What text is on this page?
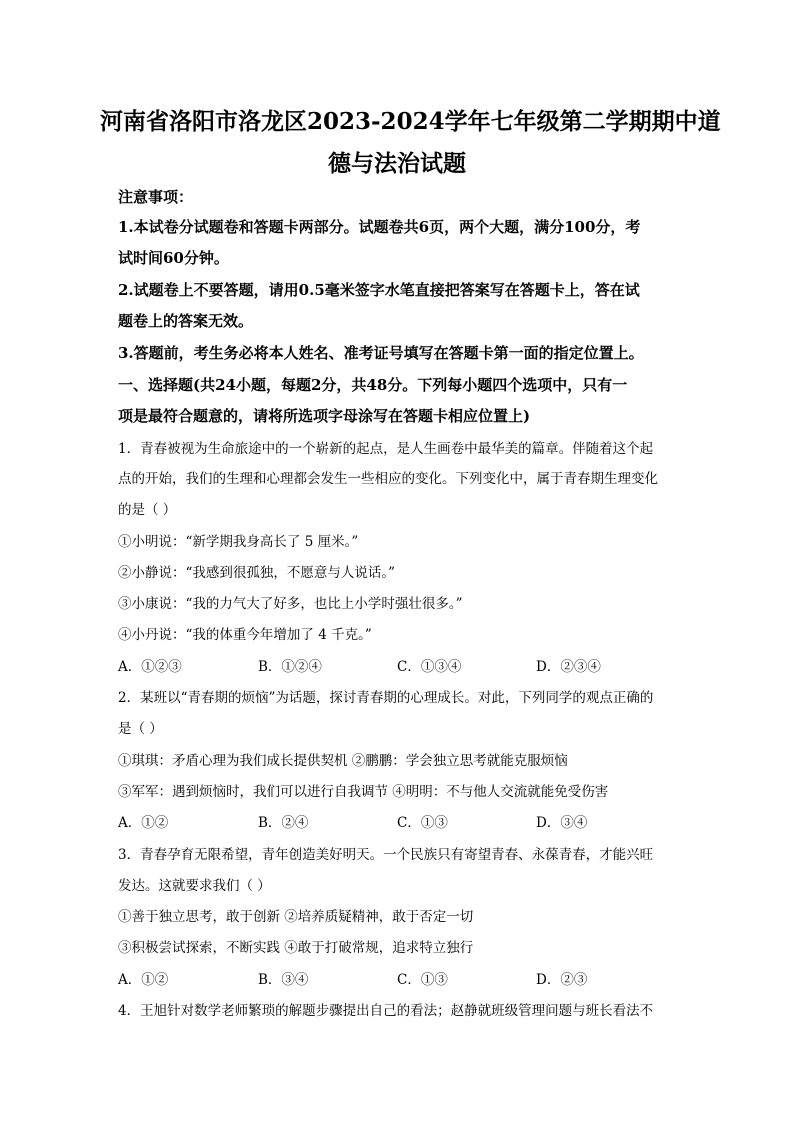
河南省洛阳市洛龙区2023-2024学年七年级第二学期期中道
德与法治试题
注意事项：
1.本试卷分试题卷和答题卡两部分。试题卷共6页，两个大题，满分100分，考
试时间60分钟。
2.试题卷上不要答题，请用0.5毫米签字水笔直接把答案写在答题卡上，答在试
题卷上的答案无效。
3.答题前，考生务必将本人姓名、准考证号填写在答题卡第一面的指定位置上。
一、选择题(共24小题，每题2分，共48分。下列每小题四个选项中，只有一
项是最符合题意的，请将所选项字母涂写在答题卡相应位置上)
1．青春被视为生命旅途中的一个崭新的起点，是人生画卷中最华美的篇章。伴随着这个起
点的开始，我们的生理和心理都会发生一些相应的变化。下列变化中，属于青春期生理变化
的是（ ）
①小明说：“新学期我身高长了 5 厘米。”
②小静说：“我感到很孤独，不愿意与人说话。”
③小康说：“我的力气大了好多，也比上小学时强壮很多。”
④小丹说：“我的体重今年增加了 4 千克。”
A．①②③	B．①②④	C．①③④	D．②③④
2．某班以“青春期的烦恼”为话题，探讨青春期的心理成长。对此，下列同学的观点正确的
是（ ）
①琪琪：矛盾心理为我们成长提供契机 ②鹏鹏：学会独立思考就能克服烦恼
③军军：遇到烦恼时，我们可以进行自我调节 ④明明：不与他人交流就能免受伤害
A．①②	B．②④	C．①③	D．③④
3．青春孕育无限希望，青年创造美好明天。一个民族只有寄望青春、永葆青春，才能兴旺
发达。这就要求我们（ ）
①善于独立思考，敢于创新 ②培养质疑精神，敢于否定一切
③积极尝试探索，不断实践 ④敢于打破常规，追求特立独行
A．①②	B．③④	C．①③	D．②③
4．王旭针对数学老师繁琐的解题步骤提出自己的看法；赵静就班级管理问题与班长看法不
